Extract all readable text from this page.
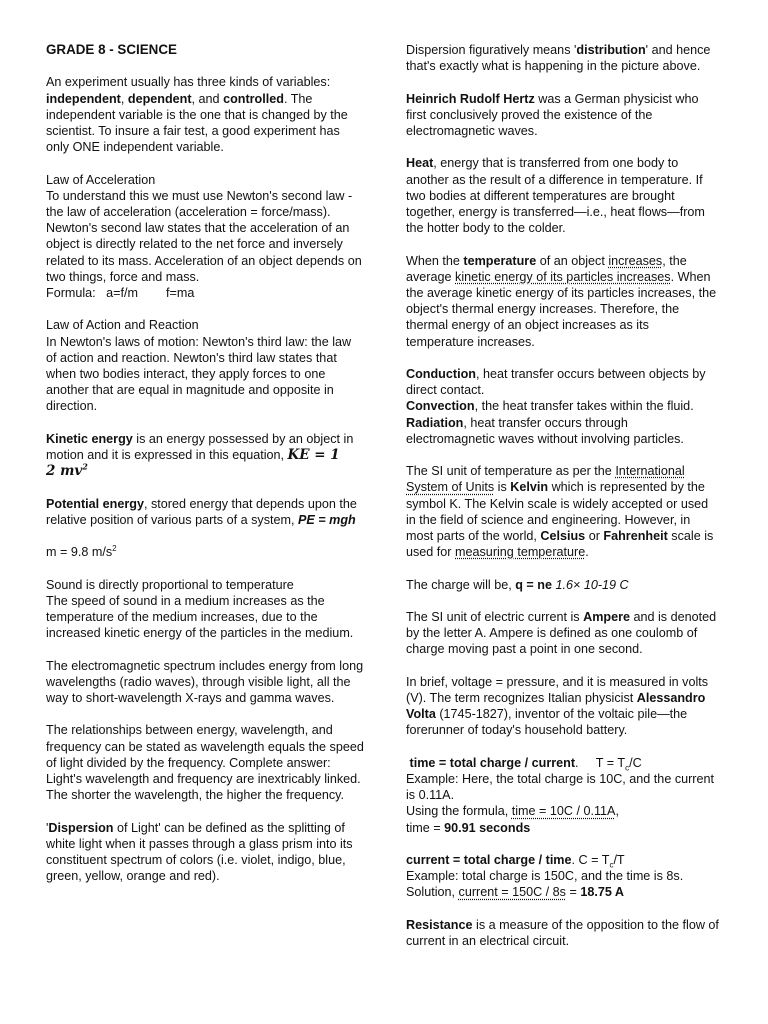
GRADE 8 - SCIENCE

An experiment usually has three kinds of variables: independent, dependent, and controlled. The independent variable is the one that is changed by the scientist. To insure a fair test, a good experiment has only ONE independent variable.

Law of Acceleration
To understand this we must use Newton's second law - the law of acceleration (acceleration = force/mass). Newton's second law states that the acceleration of an object is directly related to the net force and inversely related to its mass. Acceleration of an object depends on two things, force and mass.
Formula:   a=f/m        f=ma

Law of Action and Reaction
In Newton's laws of motion: Newton's third law: the law of action and reaction. Newton's third law states that when two bodies interact, they apply forces to one another that are equal in magnitude and opposite in direction.

Kinetic energy is an energy possessed by an object in motion and it is expressed in this equation, KE = 1
2 $mv^2$

Potential energy, stored energy that depends upon the relative position of various parts of a system, PE = mgh

m = 9.8 $m/s^2$

Sound is directly proportional to temperature
The speed of sound in a medium increases as the temperature of the medium increases, due to the increased kinetic energy of the particles in the medium.

The electromagnetic spectrum includes energy from long wavelengths (radio waves), through visible light, all the way to short-wavelength X-rays and gamma waves.

The relationships between energy, wavelength, and frequency can be stated as wavelength equals the speed of light divided by the frequency. Complete answer: Light's wavelength and frequency are inextricably linked. The shorter the wavelength, the higher the frequency.

'Dispersion of Light' can be defined as the splitting of white light when it passes through a glass prism into its constituent spectrum of colors (i.e. violet, indigo, blue, green, yellow, orange and red).

Dispersion figuratively means 'distribution' and hence that's exactly what is happening in the picture above.

Heinrich Rudolf Hertz was a German physicist who first conclusively proved the existence of the electromagnetic waves.

Heat, energy that is transferred from one body to another as the result of a difference in temperature. If two bodies at different temperatures are brought together, energy is transferred—i.e., heat flows—from the hotter body to the colder.

When the temperature of an object increases, the average kinetic energy of its particles increases. When the average kinetic energy of its particles increases, the object's thermal energy increases. Therefore, the thermal energy of an object increases as its temperature increases.

Conduction, heat transfer occurs between objects by direct contact.
Convection, the heat transfer takes within the fluid.
Radiation, heat transfer occurs through electromagnetic waves without involving particles.

The SI unit of temperature as per the International System of Units is Kelvin which is represented by the symbol K. The Kelvin scale is widely accepted or used in the field of science and engineering. However, in most parts of the world, Celsius or Fahrenheit scale is used for measuring temperature.

The charge will be, q = ne 1.6× 10-19 C

The SI unit of electric current is Ampere and is denoted by the letter A. Ampere is defined as one coulomb of charge moving past a point in one second.

In brief, voltage = pressure, and it is measured in volts (V). The term recognizes Italian physicist Alessandro Volta (1745-1827), inventor of the voltaic pile—the forerunner of today's household battery.

time = total charge / current.     $T = T_c/C$
Example: Here, the total charge is 10C, and the current is 0.11A.
Using the formula, time = 10C / 0.11A,
time = 90.91 seconds

current = total charge / time. $C = T_c/T$
Example: total charge is 150C, and the time is 8s.
Solution, current = 150C / 8s = 18.75 A

Resistance is a measure of the opposition to the flow of current in an electrical circuit.
